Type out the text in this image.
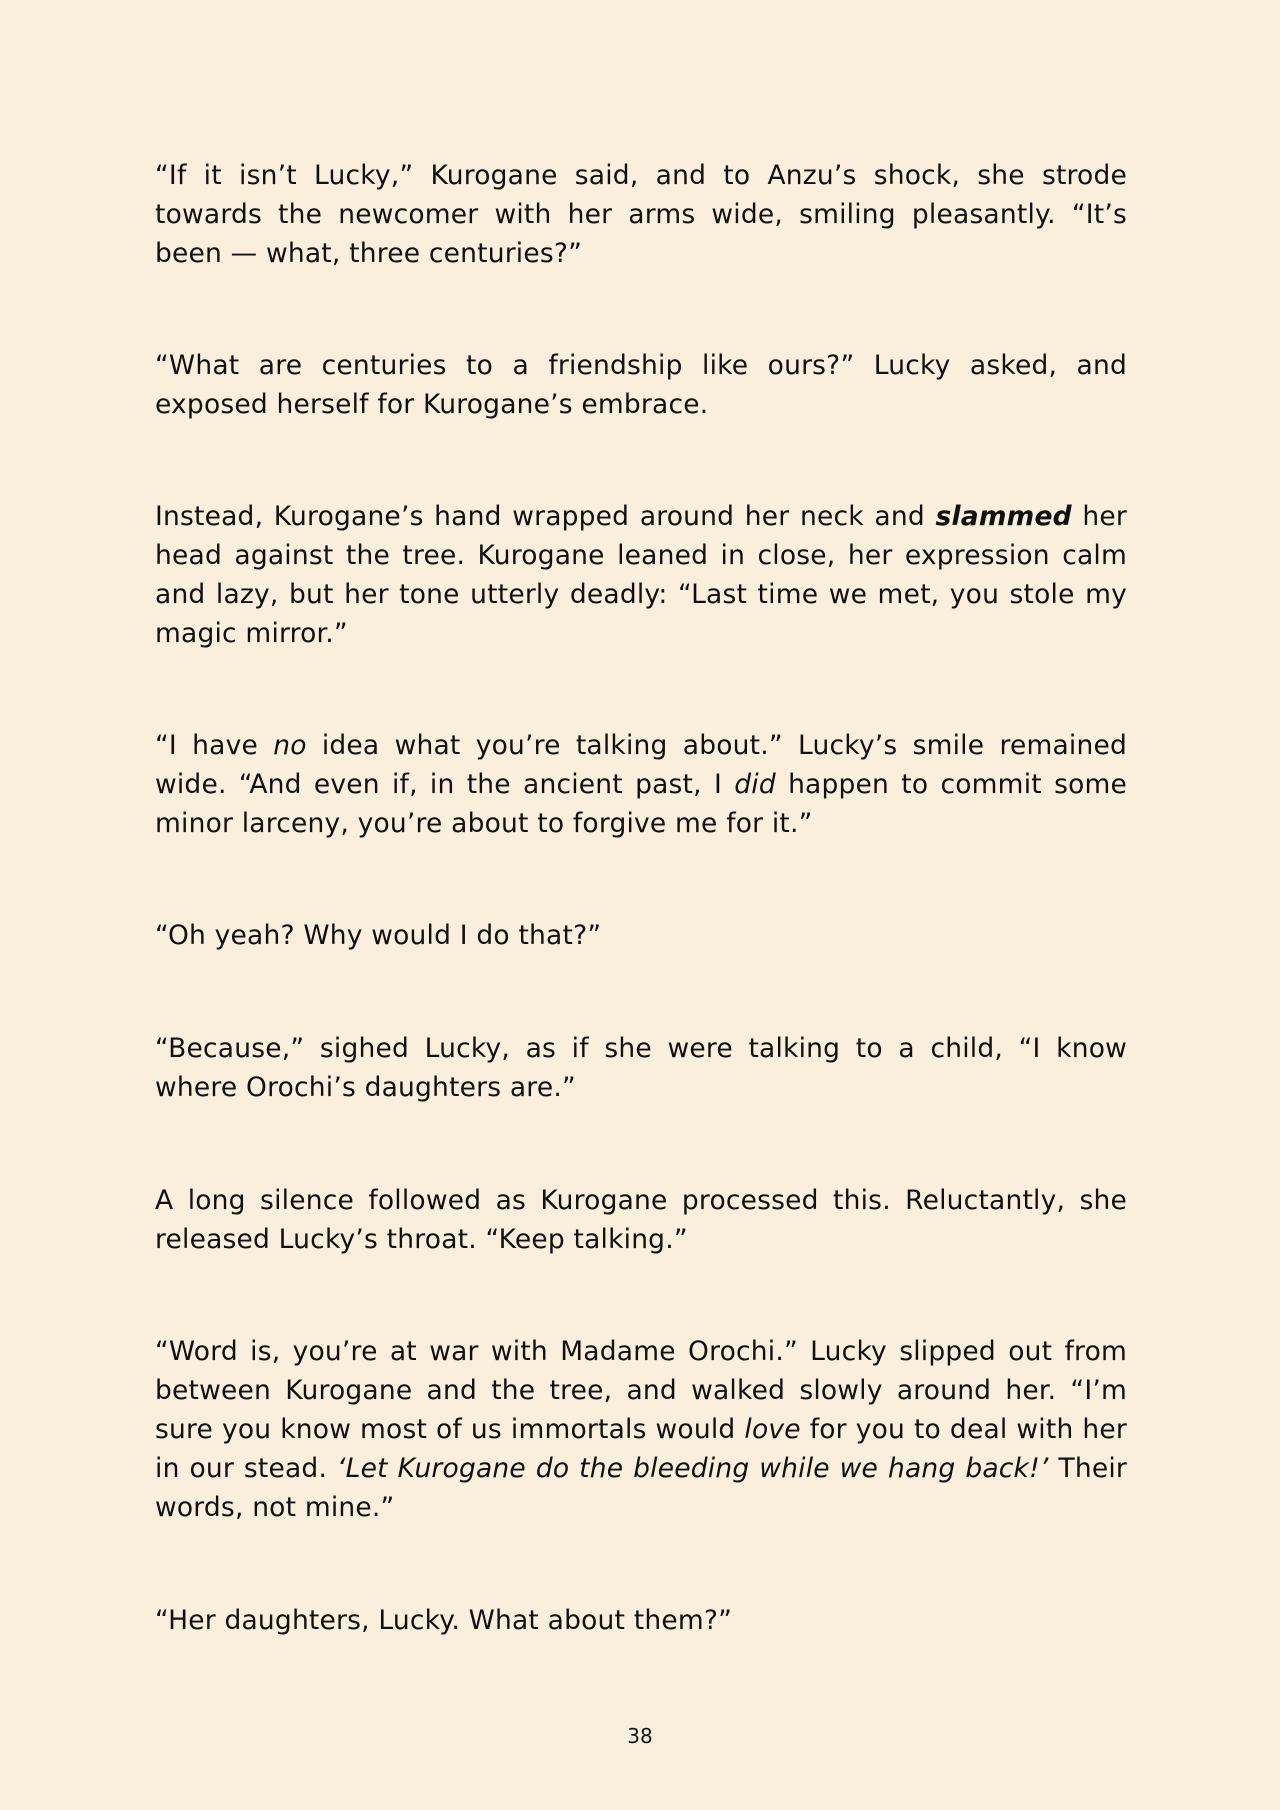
“If it isn’t Lucky,” Kurogane said, and to Anzu’s shock, she strode towards the newcomer with her arms wide, smiling pleasantly. “It’s been — what, three centuries?”

“What are centuries to a friendship like ours?” Lucky asked, and exposed herself for Kurogane’s embrace.

Instead, Kurogane’s hand wrapped around her neck and slammed her head against the tree. Kurogane leaned in close, her expression calm and lazy, but her tone utterly deadly: “Last time we met, you stole my magic mirror.”

“I have no idea what you’re talking about.” Lucky’s smile remained wide. “And even if, in the ancient past, I did happen to commit some minor larceny, you’re about to forgive me for it.”

“Oh yeah? Why would I do that?”

“Because,” sighed Lucky, as if she were talking to a child, “I know where Orochi’s daughters are.”

A long silence followed as Kurogane processed this. Reluctantly, she released Lucky’s throat. “Keep talking.”

“Word is, you’re at war with Madame Orochi.” Lucky slipped out from between Kurogane and the tree, and walked slowly around her. “I’m sure you know most of us immortals would love for you to deal with her in our stead. ‘Let Kurogane do the bleeding while we hang back!’ Their words, not mine.”

“Her daughters, Lucky. What about them?”

38
